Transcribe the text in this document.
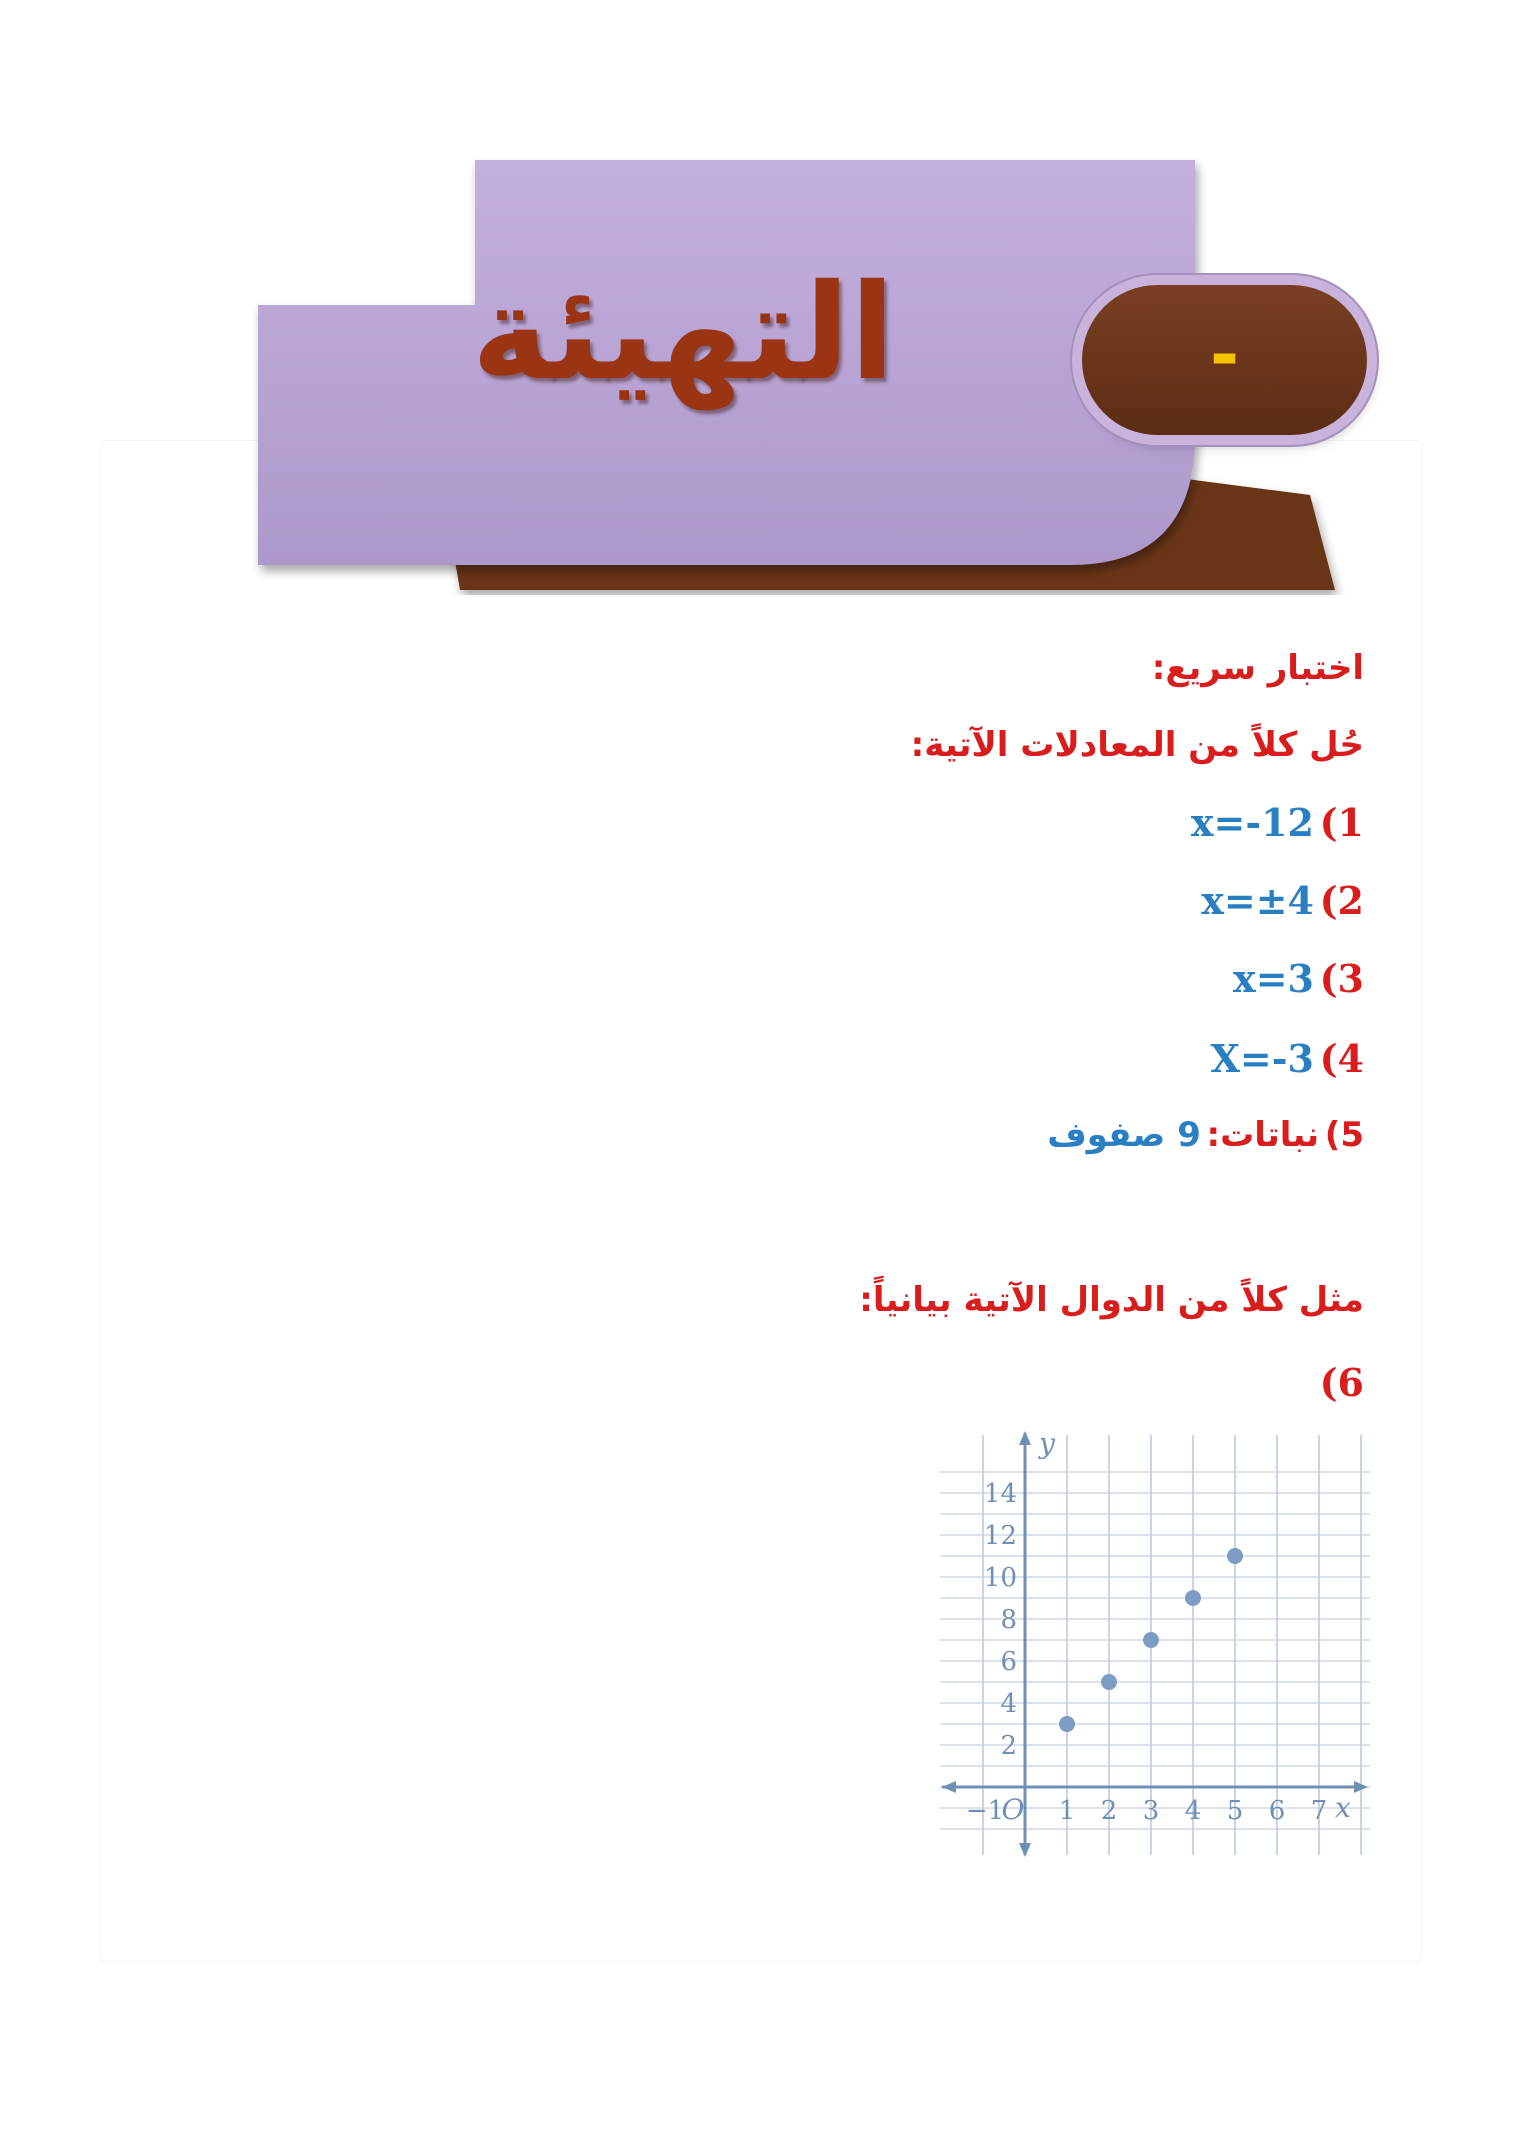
التهيئة	-
اختبار سريع:
حُل كلاً من المعادلات الآتية:
1) x=-12
2) x=±4
3) x=3
4) X=-3
5) نباتات: 9 صفوف
مثل كلاً من الدوال الآتية بيانياً:
6)
2
4
6
8
10
12
14
−1 1 2 3 4 5 6 7
O	x
y
